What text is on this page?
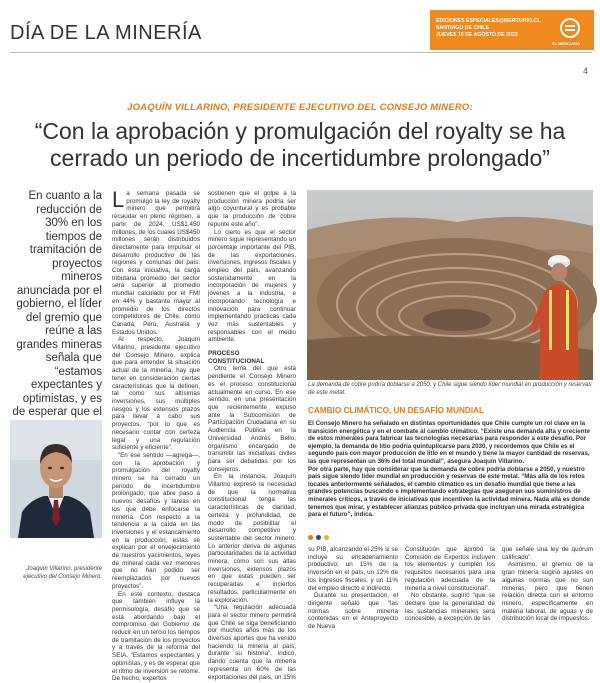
DÍA DE LA MINERÍA
EDICIONES ESPECIALES@MERCURIO.CL
SANTIAGO DE CHILE
JUEVES 10 DE AGOSTO DE 2023
EL MERCURIO
4
JOAQUÍN VILLARINO, PRESIDENTE EJECUTIVO DEL CONSEJO MINERO:
“Con la aprobación y promulgación del royalty se ha cerrado un periodo de incertidumbre prolongado”
En cuanto a la reducción de 30% en los tiempos de tramitación de proyectos mineros anunciada por el gobierno, el líder del gremio que reúne a las grandes mineras señala que “estamos expectantes y optimistas, y es de esperar que el
Joaquín Villarino, presidente ejecutivo del Consejo Minero.

La semana pasada se promulgó la ley de royalty minero que permitirá recaudar en pleno régimen, a partir de 2024, US$1.450 millones, de los cuales US$450 millones serán distribuidos directamente para impulsar el desarrollo productivo de las regiones y comunas del país. Con esta iniciativa, la carga tributaria promedio del sector será superior al promedio mundial calculado por el FMI en 44% y bastante mayor al promedio de los directos competidores de Chile, como Canadá, Perú, Australia y Estados Unidos.

Al respecto, Joaquín Villarino, presidente ejecutivo del Consejo Minero, explica que para entender la situación actual de la minería, hay que tener en consideración ciertas características que la definen, tal como sus altísimas inversiones, sus múltiples riesgos y los extensos plazos para llevar a cabo sus proyectos, “por lo que es necesario contar con certeza legal y una regulación suficiente y eficiente”.

“En ese sentido —agrega—, con la aprobación y promulgación del royalty minero se ha cerrado un periodo de incertidumbre prolongado, que abre paso a nuevos desafíos y tareas en los que debe enfocarse la minería. Con respecto a la tendencia a la caída en las inversiones y el estancamiento en la producción, estas se explican por el envejecimiento de nuestros yacimientos, leyes de mineral cada vez menores que no han podido ser reemplazados por nuevos proyectos”.

En este contexto, destaca que también influye la permisología, desafío que se está abordando bajo el compromiso del Gobierno de reducir en un tercio los tiempos de tramitación de los proyectos y a través de la reforma del SEIA. “Estamos expectantes y optimistas, y es de esperar que el ritmo de inversión se retome. De hecho, expertos

sostienen que el golpe a la producción minera podría ser algo coyuntural y es probable que la producción de cobre repunte este año”.

Lo cierto es que el sector minero sigue representando un porcentaje importante del PIB, de las exportaciones, inversiones, ingresos fiscales y empleo del país, avanzando sostenidamente en la incorporación de mujeres y jóvenes a la industria, e incorporando tecnología e innovación para continuar implementando prácticas cada vez más sustentables y responsables con el medio ambiente.

PROCESO CONSTITUCIONAL

Otro tema del que está pendiente el Consejo Minero es el proceso constitucional actualmente en curso. En ese sentido, en una presentación que recientemente expuso ante la Subcomisión de Participación Ciudadana en su Audiencia Pública en la Universidad Andrés Bello, organismo encargado de transmitir las iniciativas civiles para ser debatidas por los consejeros.

En la instancia, Joaquín Villarino expresó la necesidad de que la normativa constitucional tenga las características de claridad, certeza y profundidad, de modo de posibilitar el desarrollo competitivo y sustentable del sector minero. Lo anterior deriva de algunas particularidades de la actividad minera, como son sus altas inversiones, extensos plazos en que estas pueden ser recuperadas e inciertos resultados, particularmente en la exploración.

“Una regulación adecuada para el sector minero permitirá que Chile se siga beneficiando por muchos años más de los diversos aportes que ha venido haciendo la minería al país, durante su historia”, indicó, dando cuenta que la minería representa un 60% de las exportaciones del país, un 15%

La demanda de cobre podría doblarse a 2050, y Chile sigue siendo líder mundial en producción y reservas de este metal.
CAMBIO CLIMÁTICO, UN DESAFÍO MUNDIAL

El Consejo Minero ha señalado en distintas oportunidades que Chile cumple un rol clave en la transición energética y en el combate al cambio climático. “Existe una demanda alta y creciente de estos minerales para fabricar las tecnologías necesarias para responder a este desafío. Por ejemplo, la demanda de litio podría quintuplicarse para 2030, y recordemos que Chile es el segundo país con mayor producción de litio en el mundo y tiene la mayor cantidad de reservas, las que representan un 36% del total mundial”, asegura Joaquín Villarino.

Por otra parte, hay que considerar que la demanda de cobre podría doblarse a 2050, y nuestro país sigue siendo líder mundial en producción y reservas de este metal. “Más allá de los retos locales anteriormente señalados, el cambio climático es un desafío mundial que tiene a las grandes potencias buscando e implementando estrategias que aseguren sus suministros de minerales críticos, a través de iniciativas que incentiven la actividad minera. Nada allá es donde tenemos que mirar, y establecer alianzas público privada que incluyan una mirada estratégica para el futuro”, indica.

su PIB, alcanzando el 25% si se incluye su encadenamiento productivo; un 15% de la inversión en el país, un 12% de los ingresos fiscales, y un 11% del empleo directo e indirecto.

Durante su presentación, el dirigente señaló que “las normas sobre minería contenidas en el Anteproyecto de Nueva

Constitución que aprobó la Comisión de Expertos incluyen los elementos y cumplen los requisitos necesarios para una regulación adecuada de la minería a nivel constitucional”.

No obstante, sugirió “que se declare que la generalidad de las sustancias minerales será concesible, a excepción de las

que señale una ley de quórum calificado”.

Asimismo, el gremio de la gran minería sugirió ajustes en algunas normas que no son mineras, pero que tienen relación directa con el entorno minero, específicamente en materia laboral, de aguas y de distribución local de impuestos.
